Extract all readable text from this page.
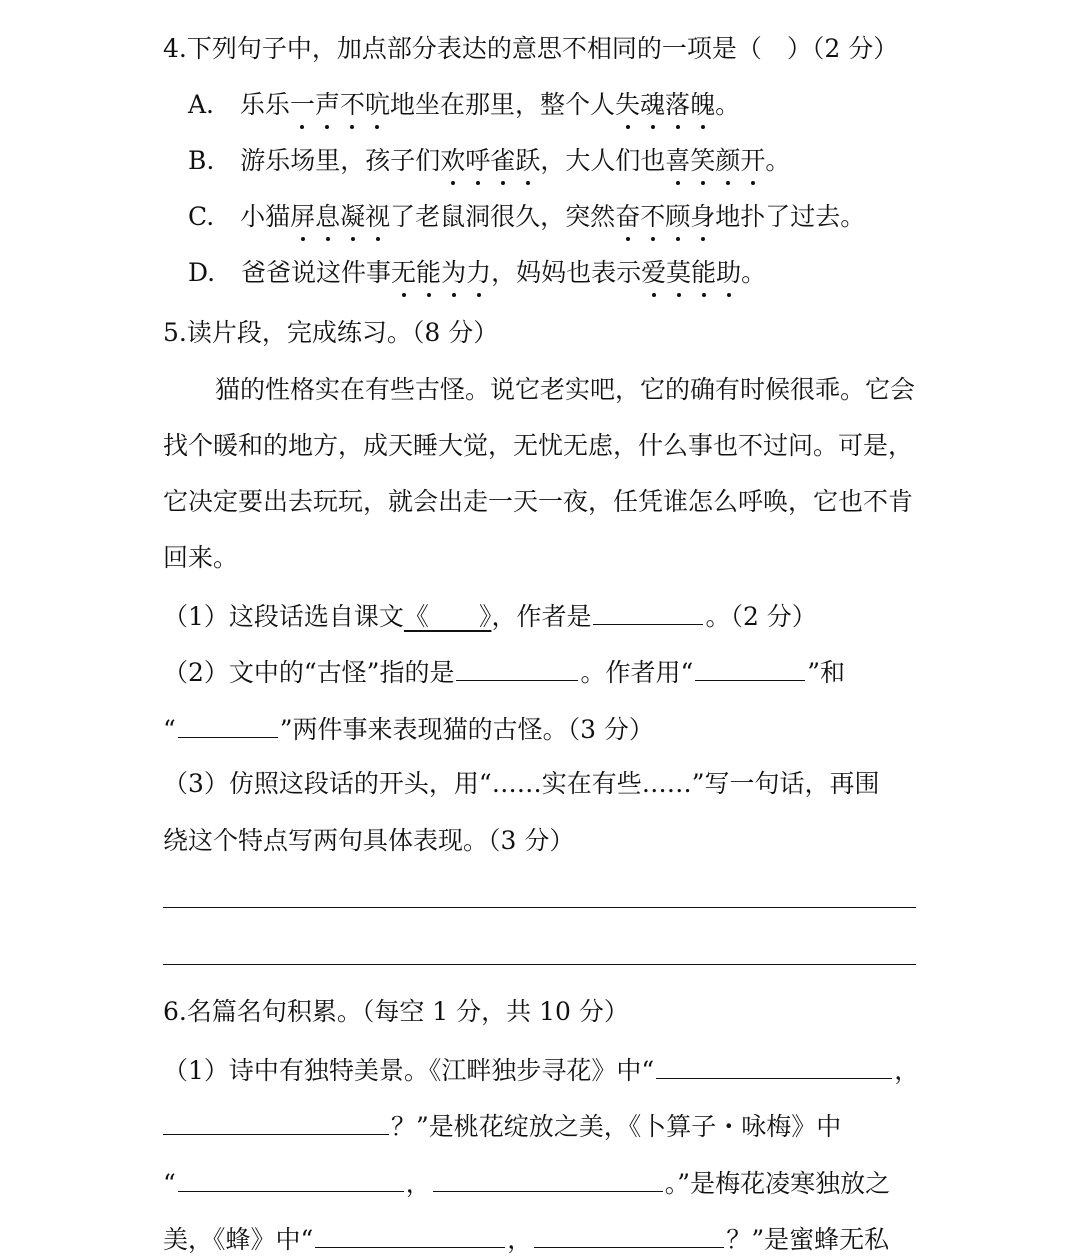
4.下列句子中，加点部分表达的意思不相同的一项是（　）（2 分）
A. 乐乐一声不吭地坐在那里，整个人失魂落魄。
B. 游乐场里，孩子们欢呼雀跃，大人们也喜笑颜开。
C. 小猫屏息凝视了老鼠洞很久，突然奋不顾身地扑了过去。
D. 爸爸说这件事无能为力，妈妈也表示爱莫能助。
5.读片段，完成练习。（8 分）
猫的性格实在有些古怪。说它老实吧，它的确有时候很乖。它会
找个暖和的地方，成天睡大觉，无忧无虑，什么事也不过问。可是，
它决定要出去玩玩，就会出走一天一夜，任凭谁怎么呼唤，它也不肯
回来。
（1）这段话选自课文《　　》，作者是	。（2 分）
（2）文中的“古怪”指的是	。作者用“	”和
“	”两件事来表现猫的古怪。（3 分）
（3）仿照这段话的开头，用“……实在有些……”写一句话，再围
绕这个特点写两句具体表现。（3 分）
6.名篇名句积累。（每空 1 分，共 10 分）
（1）诗中有独特美景。《江畔独步寻花》中“	，
？”是桃花绽放之美，《卜算子・咏梅》中
“	，	。”是梅花凌寒独放之
美，《蜂》中“	，	？”是蜜蜂无私
